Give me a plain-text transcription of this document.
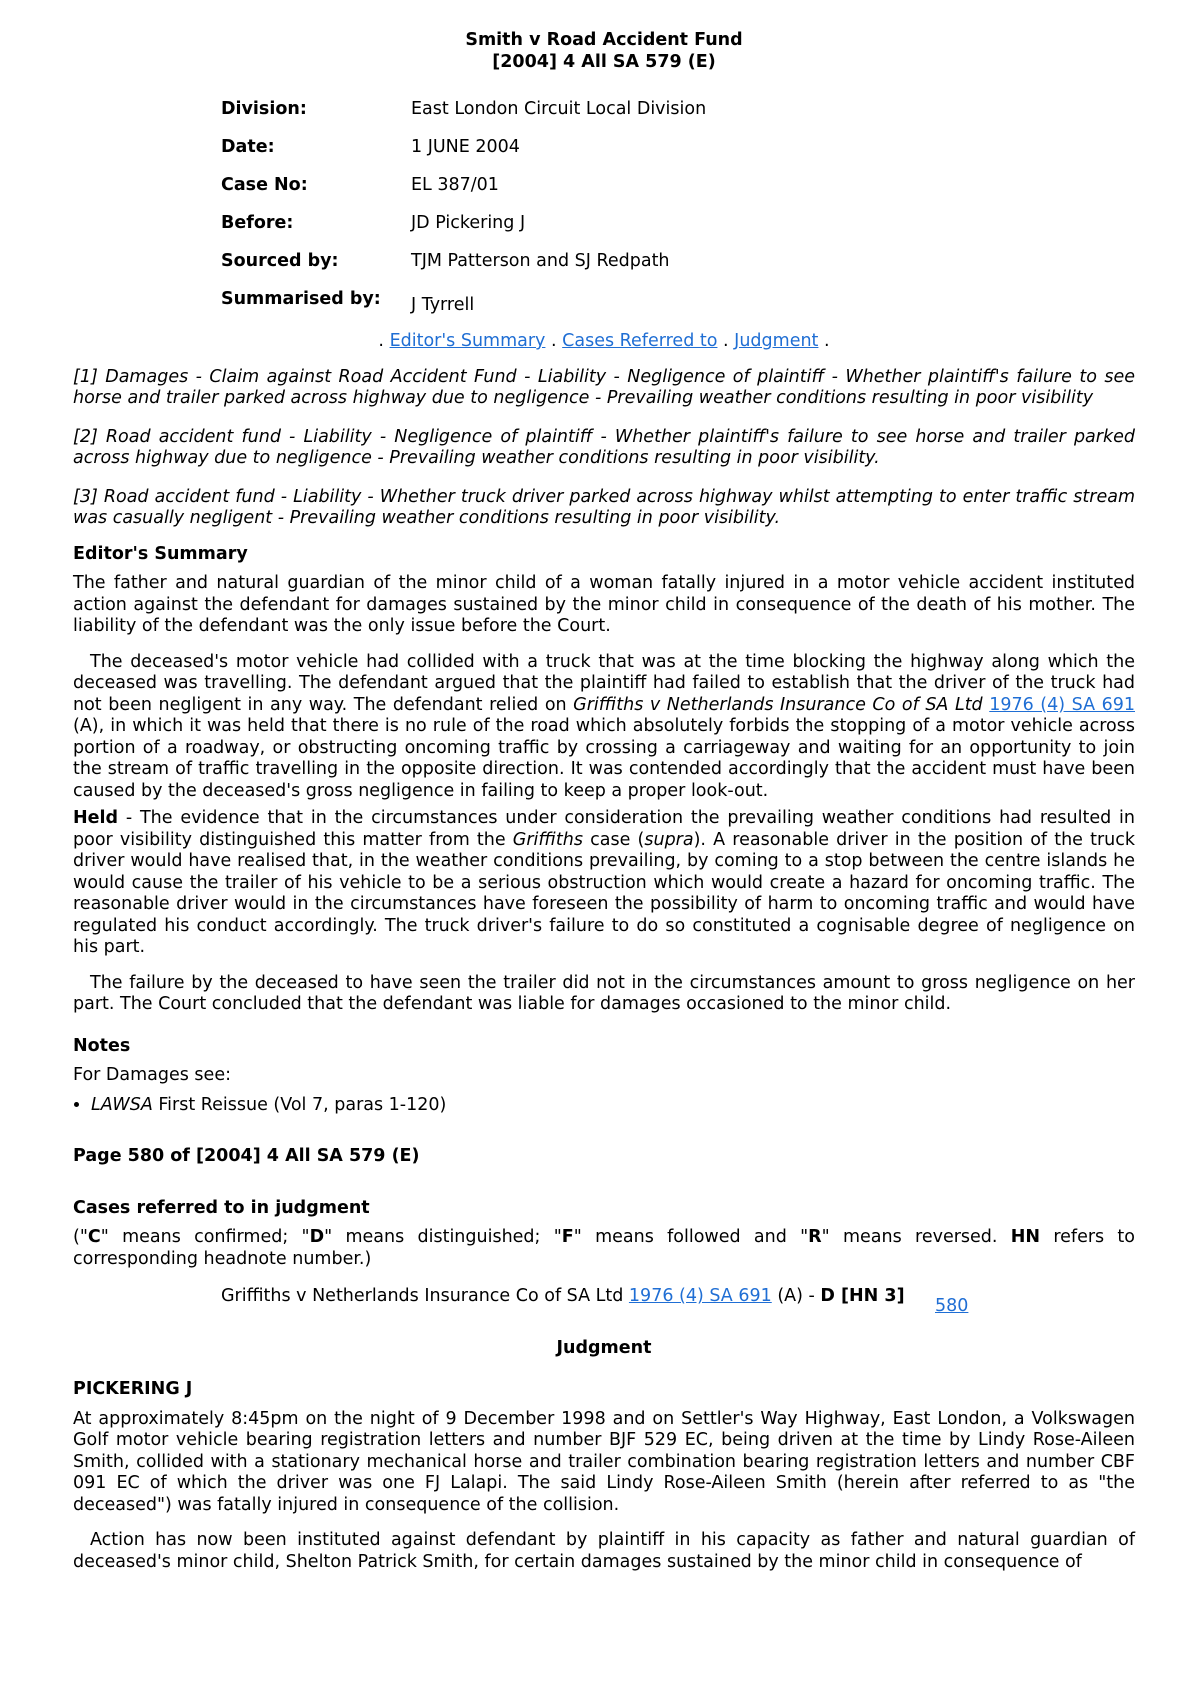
Smith v Road Accident Fund
[2004] 4 All SA 579 (E)
Division:	East London Circuit Local Division
Date:	1 JUNE 2004
Case No:	EL 387/01
Before:	JD Pickering J
Sourced by:	TJM Patterson and SJ Redpath
Summarised by:	J Tyrrell
. Editor's Summary . Cases Referred to . Judgment .

[1] Damages - Claim against Road Accident Fund - Liability - Negligence of plaintiff - Whether plaintiff's failure to see horse and trailer parked across highway due to negligence - Prevailing weather conditions resulting in poor visibility

[2] Road accident fund - Liability - Negligence of plaintiff - Whether plaintiff's failure to see horse and trailer parked across highway due to negligence - Prevailing weather conditions resulting in poor visibility.

[3] Road accident fund - Liability - Whether truck driver parked across highway whilst attempting to enter traffic stream was casually negligent - Prevailing weather conditions resulting in poor visibility.

Editor's Summary

The father and natural guardian of the minor child of a woman fatally injured in a motor vehicle accident instituted action against the defendant for damages sustained by the minor child in consequence of the death of his mother. The liability of the defendant was the only issue before the Court.

The deceased's motor vehicle had collided with a truck that was at the time blocking the highway along which the deceased was travelling. The defendant argued that the plaintiff had failed to establish that the driver of the truck had not been negligent in any way. The defendant relied on Griffiths v Netherlands Insurance Co of SA Ltd 1976 (4) SA 691 (A), in which it was held that there is no rule of the road which absolutely forbids the stopping of a motor vehicle across portion of a roadway, or obstructing oncoming traffic by crossing a carriageway and waiting for an opportunity to join the stream of traffic travelling in the opposite direction. It was contended accordingly that the accident must have been caused by the deceased's gross negligence in failing to keep a proper look-out.

Held - The evidence that in the circumstances under consideration the prevailing weather conditions had resulted in poor visibility distinguished this matter from the Griffiths case (supra). A reasonable driver in the position of the truck driver would have realised that, in the weather conditions prevailing, by coming to a stop between the centre islands he would cause the trailer of his vehicle to be a serious obstruction which would create a hazard for oncoming traffic. The reasonable driver would in the circumstances have foreseen the possibility of harm to oncoming traffic and would have regulated his conduct accordingly. The truck driver's failure to do so constituted a cognisable degree of negligence on his part.

The failure by the deceased to have seen the trailer did not in the circumstances amount to gross negligence on her part. The Court concluded that the defendant was liable for damages occasioned to the minor child.

Notes

For Damages see:

• LAWSA First Reissue (Vol 7, paras 1-120)
Page 580 of [2004] 4 All SA 579 (E)
Cases referred to in judgment

("C" means confirmed; "D" means distinguished; "F" means followed and "R" means reversed. HN refers to corresponding headnote number.)

Griffiths v Netherlands Insurance Co of SA Ltd 1976 (4) SA 691 (A) - D [HN 3] 580
Judgment
PICKERING J

At approximately 8:45pm on the night of 9 December 1998 and on Settler's Way Highway, East London, a Volkswagen Golf motor vehicle bearing registration letters and number BJF 529 EC, being driven at the time by Lindy Rose-Aileen Smith, collided with a stationary mechanical horse and trailer combination bearing registration letters and number CBF 091 EC of which the driver was one FJ Lalapi. The said Lindy Rose-Aileen Smith (herein after referred to as "the deceased") was fatally injured in consequence of the collision.

Action has now been instituted against defendant by plaintiff in his capacity as father and natural guardian of deceased's minor child, Shelton Patrick Smith, for certain damages sustained by the minor child in consequence of
